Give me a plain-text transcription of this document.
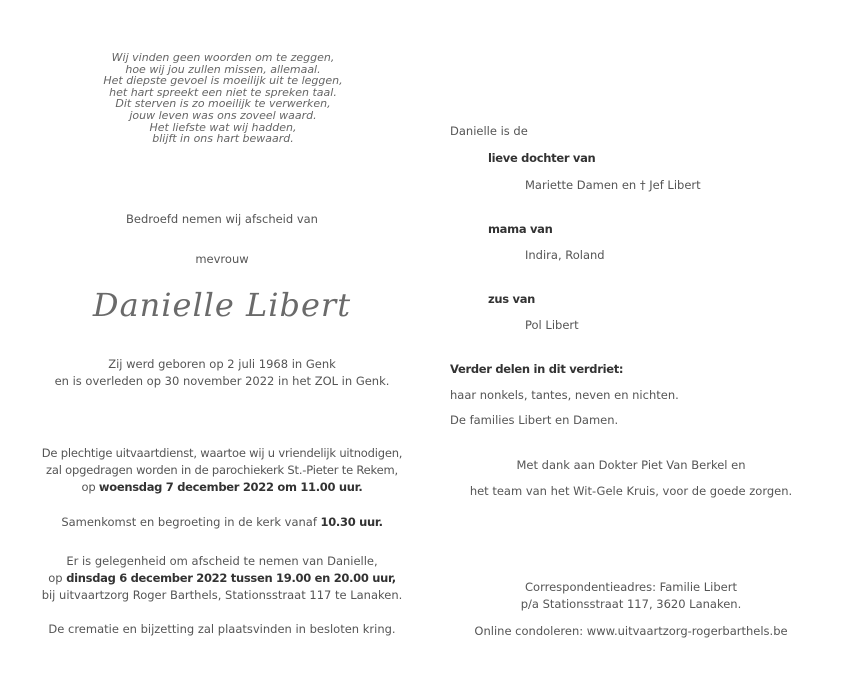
Wij vinden geen woorden om te zeggen,
hoe wij jou zullen missen, allemaal.
Het diepste gevoel is moeilijk uit te leggen,
het hart spreekt een niet te spreken taal.
Dit sterven is zo moeilijk te verwerken,
jouw leven was ons zoveel waard.
Het liefste wat wij hadden,
blijft in ons hart bewaard.
Bedroefd nemen wij afscheid van
mevrouw
Danielle Libert
Zij werd geboren op 2 juli 1968 in Genk
en is overleden op 30 november 2022 in het ZOL in Genk.
De plechtige uitvaartdienst, waartoe wij u vriendelijk uitnodigen,
zal opgedragen worden in de parochiekerk St.-Pieter te Rekem,
op woensdag 7 december 2022 om 11.00 uur.
Samenkomst en begroeting in de kerk vanaf 10.30 uur.
Er is gelegenheid om afscheid te nemen van Danielle,
op dinsdag 6 december 2022 tussen 19.00 en 20.00 uur,
bij uitvaartzorg Roger Barthels, Stationsstraat 117 te Lanaken.
De crematie en bijzetting zal plaatsvinden in besloten kring.
Danielle is de
lieve dochter van
Mariette Damen en † Jef Libert
mama van
Indira, Roland
zus van
Pol Libert
Verder delen in dit verdriet:
haar nonkels, tantes, neven en nichten.
De families Libert en Damen.
Met dank aan Dokter Piet Van Berkel en
het team van het Wit-Gele Kruis, voor de goede zorgen.
Correspondentieadres: Familie Libert
p/a Stationsstraat 117, 3620 Lanaken.
Online condoleren: www.uitvaartzorg-rogerbarthels.be
